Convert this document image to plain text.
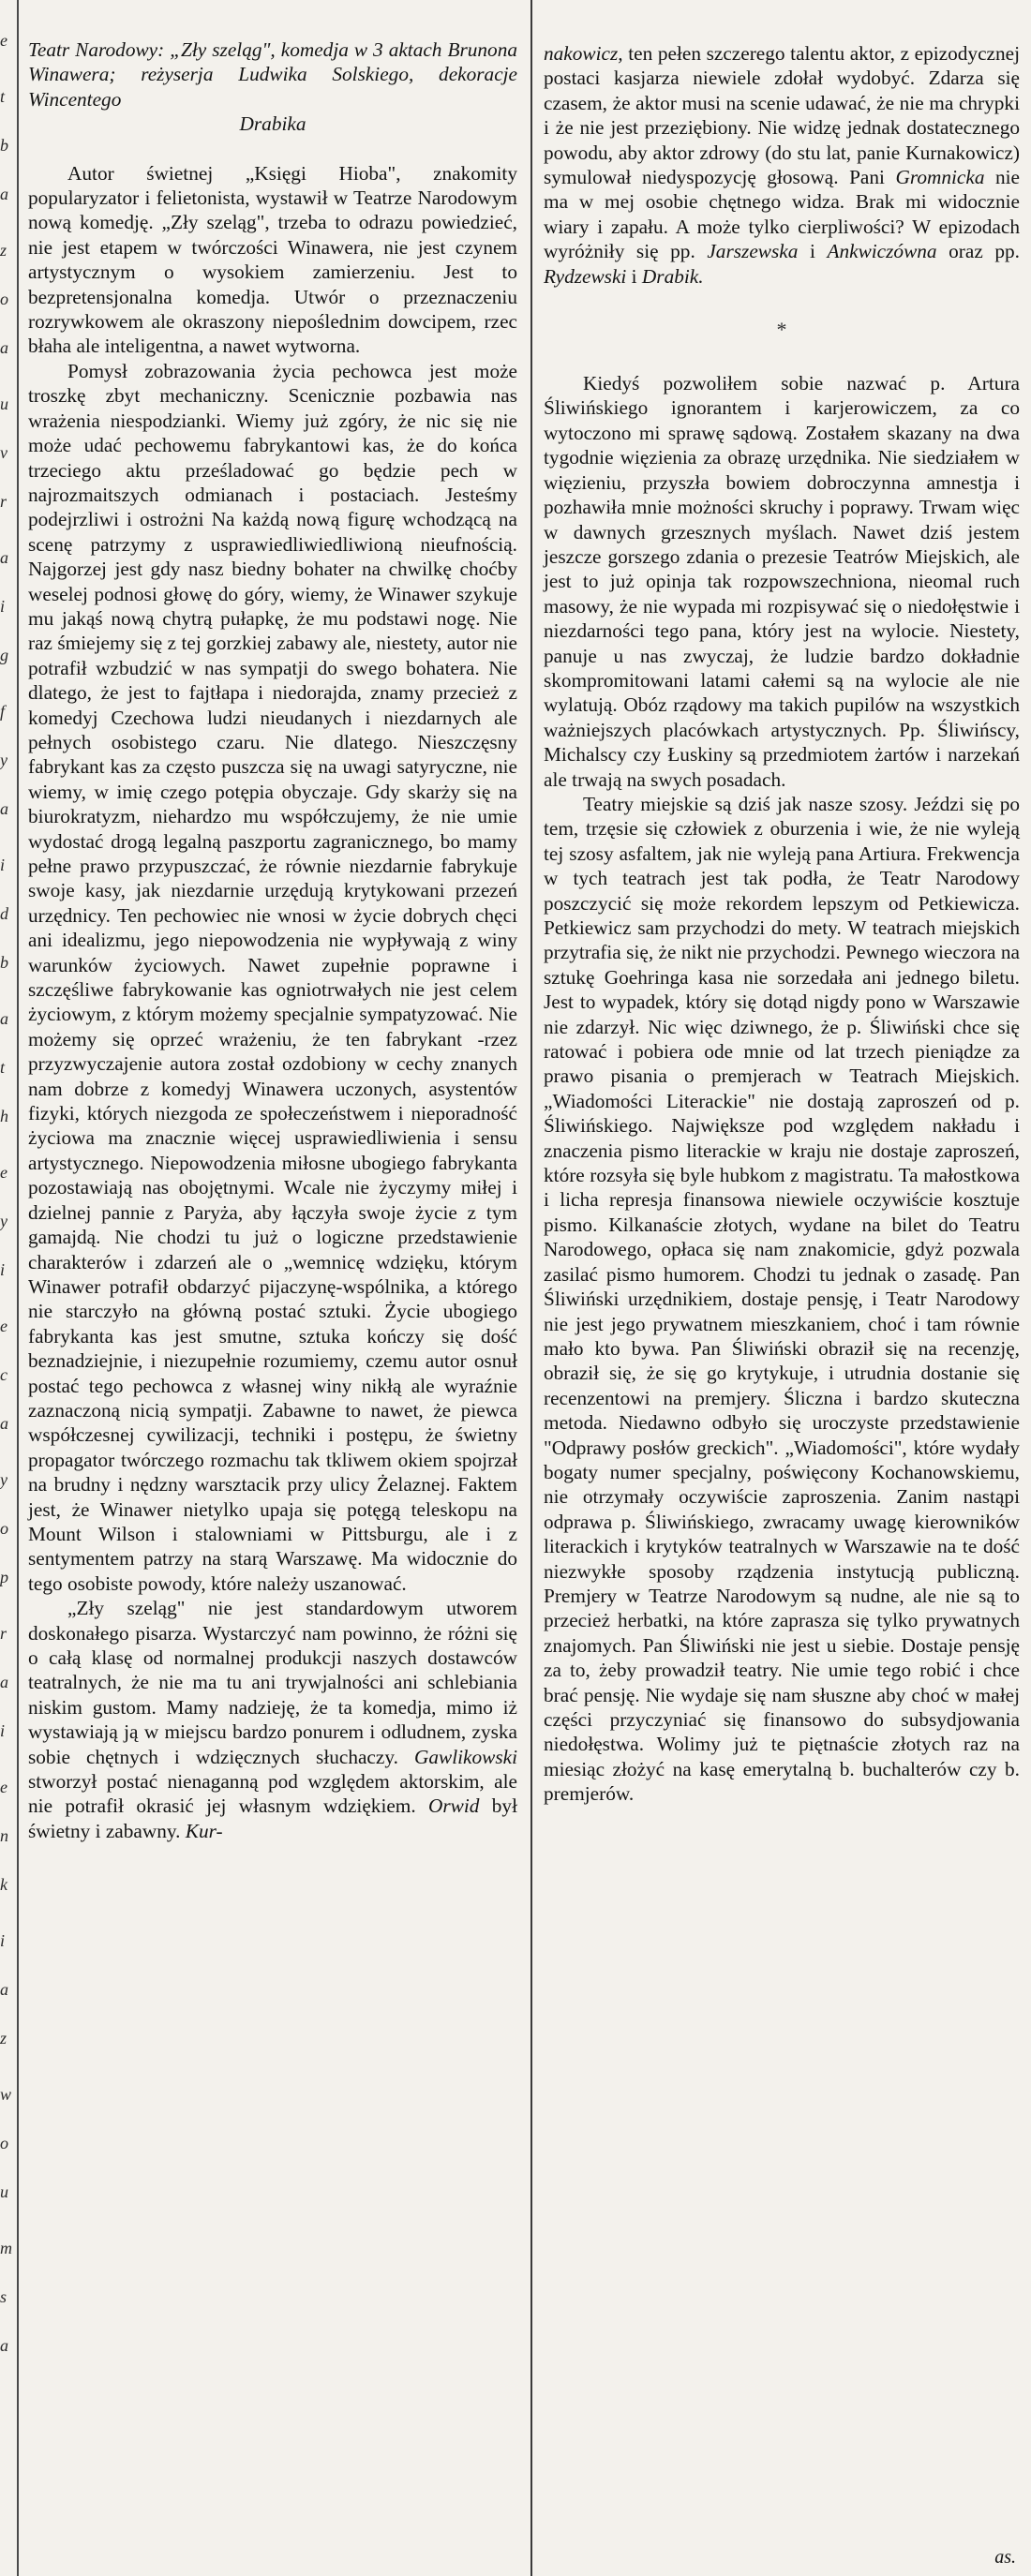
e
t
b
a
z
o
a
u
v
r
a
i
g
f
y
a
i
d
b
a
t
h
e
y
i
e
c
a
y
o
p
r
a
i
e
n
k
i
a
z
w
o
u
m
s
a

Teatr Narodowy: „Zły szeląg", komedja w 3 aktach Brunona Winawera; reżyserja Ludwika Solskiego, dekoracje Wincentego
Drabika

Autor świetnej „Księgi Hioba", znakomity popularyzator i felietonista, wystawił w Teatrze Narodowym nową komedję. „Zły szeląg", trzeba to odrazu powiedzieć, nie jest etapem w twórczości Winawera, nie jest czynem artystycznym o wysokiem zamierzeniu. Jest to bezpretensjonalna komedja. Utwór o przeznaczeniu rozrywkowem ale okraszony niepoślednim dowcipem, rzec błaha ale inteligentna, a nawet wytworna.

Pomysł zobrazowania życia pechowca jest może troszkę zbyt mechaniczny. Scenicznie pozbawia nas wrażenia niespodzianki. Wiemy już zgóry, że nic się nie może udać pechowemu fabrykantowi kas, że do końca trzeciego aktu prześladować go będzie pech w najrozmaitszych odmianach i postaciach. Jesteśmy podejrzliwi i ostrożni Na każdą nową figurę wchodzącą na scenę patrzymy z usprawiedliwiedliwioną nieufnością. Najgorzej jest gdy nasz biedny bohater na chwilkę choćby weselej podnosi głowę do góry, wiemy, że Winawer szykuje mu jakąś nową chytrą pułapkę, że mu podstawi nogę. Nie raz śmiejemy się z tej gorzkiej zabawy ale, niestety, autor nie potrafił wzbudzić w nas sympatji do swego bohatera. Nie dlatego, że jest to fajtłapa i niedorajda, znamy przecież z komedyj Czechowa ludzi nieudanych i niezdarnych ale pełnych osobistego czaru. Nie dlatego. Nieszczęsny fabrykant kas za często puszcza się na uwagi satyryczne, nie wiemy, w imię czego potępia obyczaje. Gdy skarży się na biurokratyzm, niehardzo mu współczujemy, że nie umie wydostać drogą legalną paszportu zagranicznego, bo mamy pełne prawo przypuszczać, że równie niezdarnie fabrykuje swoje kasy, jak niezdarnie urzędują krytykowani przezeń urzędnicy. Ten pechowiec nie wnosi w życie dobrych chęci ani idealizmu, jego niepowodzenia nie wypływają z winy warunków życiowych. Nawet zupełnie poprawne i szczęśliwe fabrykowanie kas ogniotrwałych nie jest celem życiowym, z którym możemy specjalnie sympatyzować. Nie możemy się oprzeć wrażeniu, że ten fabrykant -rzez przyzwyczajenie autora został ozdobiony w cechy znanych nam dobrze z komedyj Winawera uczonych, asystentów fizyki, których niezgoda ze społeczeństwem i nieporadność życiowa ma znacznie więcej usprawiedliwienia i sensu artystycznego. Niepowodzenia miłosne ubogiego fabrykanta pozostawiają nas obojętnymi. Wcale nie życzymy miłej i dzielnej pannie z Paryża, aby łączyła swoje życie z tym gamajdą. Nie chodzi tu już o logiczne przedstawienie charakterów i zdarzeń ale o „wemnicę wdzięku, którym Winawer potrafił obdarzyć pijaczynę-wspólnika, a którego nie starczyło na główną postać sztuki. Życie ubogiego fabrykanta kas jest smutne, sztuka kończy się dość beznadziejnie, i niezupełnie rozumiemy, czemu autor osnuł postać tego pechowca z własnej winy nikłą ale wyraźnie zaznaczoną nicią sympatji. Zabawne to nawet, że piewca współczesnej cywilizacji, techniki i postępu, że świetny propagator twórczego rozmachu tak tkliwem okiem spojrzał na brudny i nędzny warsztacik przy ulicy Żelaznej. Faktem jest, że Winawer nietylko upaja się potęgą teleskopu na Mount Wilson i stalowniami w Pittsburgu, ale i z sentymentem patrzy na starą Warszawę. Ma widocznie do tego osobiste powody, które należy uszanować.

„Zły szeląg" nie jest standardowym utworem doskonałego pisarza. Wystarczyć nam powinno, że różni się o całą klasę od normalnej produkcji naszych dostawców teatralnych, że nie ma tu ani trywjalności ani schlebiania niskim gustom. Mamy nadzieję, że ta komedja, mimo iż wystawiają ją w miejscu bardzo ponurem i odludnem, zyska sobie chętnych i wdzięcznych słuchaczy. Gawlikowski stworzył postać nienaganną pod względem aktorskim, ale nie potrafił okrasić jej własnym wdziękiem. Orwid był świetny i zabawny. Kur-

nakowicz, ten pełen szczerego talentu aktor, z epizodycznej postaci kasjarza niewiele zdołał wydobyć. Zdarza się czasem, że aktor musi na scenie udawać, że nie ma chrypki i że nie jest przeziębiony. Nie widzę jednak dostatecznego powodu, aby aktor zdrowy (do stu lat, panie Kurnakowicz) symulował niedyspozycję głosową. Pani Gromnicka nie ma w mej osobie chętnego widza. Brak mi widocznie wiary i zapału. A może tylko cierpliwości? W epizodach wyróżniły się pp. Jarszewska i Ankwiczówna oraz pp. Rydzewski i Drabik.

*

Kiedyś pozwoliłem sobie nazwać p. Artura Śliwińskiego ignorantem i karjerowiczem, za co wytoczono mi sprawę sądową. Zostałem skazany na dwa tygodnie więzienia za obrazę urzędnika. Nie siedziałem w więzieniu, przyszła bowiem dobroczynna amnestja i pozhawiła mnie możności skruchy i poprawy. Trwam więc w dawnych grzesznych myślach. Nawet dziś jestem jeszcze gorszego zdania o prezesie Teatrów Miejskich, ale jest to już opinja tak rozpowszechniona, nieomal ruch masowy, że nie wypada mi rozpisywać się o niedołęstwie i niezdarności tego pana, który jest na wylocie. Niestety, panuje u nas zwyczaj, że ludzie bardzo dokładnie skompromitowani latami całemi są na wylocie ale nie wylatują. Obóz rządowy ma takich pupilów na wszystkich ważniejszych placówkach artystycznych. Pp. Śliwińscy, Michalscy czy Łuskiny są przedmiotem żartów i narzekań ale trwają na swych posadach.

Teatry miejskie są dziś jak nasze szosy. Jeździ się po tem, trzęsie się człowiek z oburzenia i wie, że nie wyleją tej szosy asfaltem, jak nie wyleją pana Artiura. Frekwencja w tych teatrach jest tak podła, że Teatr Narodowy poszczycić się może rekordem lepszym od Petkiewicza. Petkiewicz sam przychodzi do mety. W teatrach miejskich przytrafia się, że nikt nie przychodzi. Pewnego wieczora na sztukę Goehringa kasa nie sorzedała ani jednego biletu. Jest to wypadek, który się dotąd nigdy pono w Warszawie nie zdarzył. Nic więc dziwnego, że p. Śliwiński chce się ratować i pobiera ode mnie od lat trzech pieniądze za prawo pisania o premjerach w Teatrach Miejskich. „Wiadomości Literackie" nie dostają zaproszeń od p. Śliwińskiego. Największe pod względem nakładu i znaczenia pismo literackie w kraju nie dostaje zaproszeń, które rozsyła się byle hubkom z magistratu. Ta małostkowa i licha represja finansowa niewiele oczywiście kosztuje pismo. Kilkanaście złotych, wydane na bilet do Teatru Narodowego, opłaca się nam znakomicie, gdyż pozwala zasilać pismo humorem. Chodzi tu jednak o zasadę. Pan Śliwiński urzędnikiem, dostaje pensję, i Teatr Narodowy nie jest jego prywatnem mieszkaniem, choć i tam równie mało kto bywa. Pan Śliwiński obraził się na recenzję, obraził się, że się go krytykuje, i utrudnia dostanie się recenzentowi na premjery. Śliczna i bardzo skuteczna metoda. Niedawno odbyło się uroczyste przedstawienie "Odprawy posłów greckich". „Wiadomości", które wydały bogaty numer specjalny, poświęcony Kochanowskiemu, nie otrzymały oczywiście zaproszenia. Zanim nastąpi odprawa p. Śliwińskiego, zwracamy uwagę kierowników literackich i krytyków teatralnych w Warszawie na te dość niezwykłe sposoby rządzenia instytucją publiczną. Premjery w Teatrze Narodowym są nudne, ale nie są to przecież herbatki, na które zaprasza się tylko prywatnych znajomych. Pan Śliwiński nie jest u siebie. Dostaje pensję za to, żeby prowadził teatry. Nie umie tego robić i chce brać pensję. Nie wydaje się nam słuszne aby choć w małej części przyczyniać się finansowo do subsydjowania niedołęstwa. Wolimy już te piętnaście złotych raz na miesiąc złożyć na kasę emerytalną b. buchalterów czy b. premjerów.

as.
